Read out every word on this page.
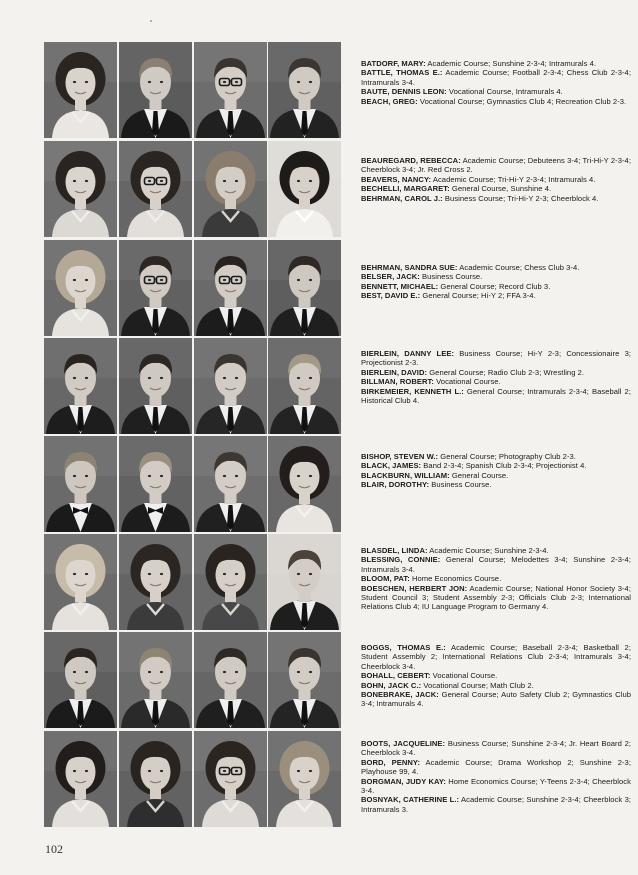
BATDORF, MARY: Academic Course; Sunshine 2-3-4; Intramurals 4.

BATTLE, THOMAS E.: Academic Course; Football 2-3-4; Chess Club 2-3-4; Intramurals 3-4.

BAUTE, DENNIS LEON: Vocational Course, Intramurals 4.

BEACH, GREG: Vocational Course; Gymnastics Club 4; Recreation Club 2-3.

BEAUREGARD, REBECCA: Academic Course; Debuteens 3-4; Tri-Hi-Y 2-3-4; Cheerblock 3-4; Jr. Red Cross 2.

BEAVERS, NANCY: Academic Course; Tri-Hi-Y 2-3-4; Intramurals 4.

BECHELLI, MARGARET: General Course, Sunshine 4.

BEHRMAN, CAROL J.: Business Course; Tri-Hi-Y 2-3; Cheerblock 4.

BEHRMAN, SANDRA SUE: Academic Course; Chess Club 3-4.

BELSER, JACK: Business Course.

BENNETT, MICHAEL: General Course; Record Club 3.

BEST, DAVID E.: General Course; Hi-Y 2; FFA 3-4.

BIERLEIN, DANNY LEE: Business Course; Hi-Y 2-3; Concessionaire 3; Projectionist 2-3.

BIERLEIN, DAVID: General Course; Radio Club 2-3; Wrestling 2.

BILLMAN, ROBERT: Vocational Course.

BIRKEMEIER, KENNETH L.: General Course; Intramurals 2-3-4; Baseball 2; Historical Club 4.

BISHOP, STEVEN W.: General Course; Photography Club 2-3.

BLACK, JAMES: Band 2-3-4; Spanish Club 2-3-4; Projectionist 4.

BLACKBURN, WILLIAM: General Course.

BLAIR, DOROTHY: Business Course.

BLASDEL, LINDA: Academic Course; Sunshine 2-3-4.

BLESSING, CONNIE: General Course; Melodettes 3-4; Sunshine 2-3-4; Intramurals 3-4.

BLOOM, PAT: Home Economics Course.

BOESCHEN, HERBERT JON: Academic Course; National Honor Society 3-4; Student Council 3; Student Assembly 2-3; Officials Club 2-3; International Relations Club 4; IU Language Program to Germany 4.

BOGGS, THOMAS E.: Academic Course; Baseball 2-3-4; Basketball 2; Student Assembly 2; International Relations Club 2-3-4; Intramurals 3-4; Cheerblock 3-4.

BOHALL, CEBERT: Vocational Course.

BOHN, JACK C.: Vocational Course; Math Club 2.

BONEBRAKE, JACK: General Course; Auto Safety Club 2; Gymnastics Club 3-4; Intramurals 4.

BOOTS, JACQUELINE: Business Course; Sunshine 2-3-4; Jr. Heart Board 2; Cheerblock 3-4.

BORD, PENNY: Academic Course; Drama Workshop 2; Sunshine 2-3; Playhouse 99, 4.

BORGMAN, JUDY KAY: Home Economics Course; Y-Teens 2-3-4; Cheerblock 3-4.

BOSNYAK, CATHERINE L.: Academic Course; Sunshine 2-3-4; Cheerblock 3; Intramurals 3.

102
